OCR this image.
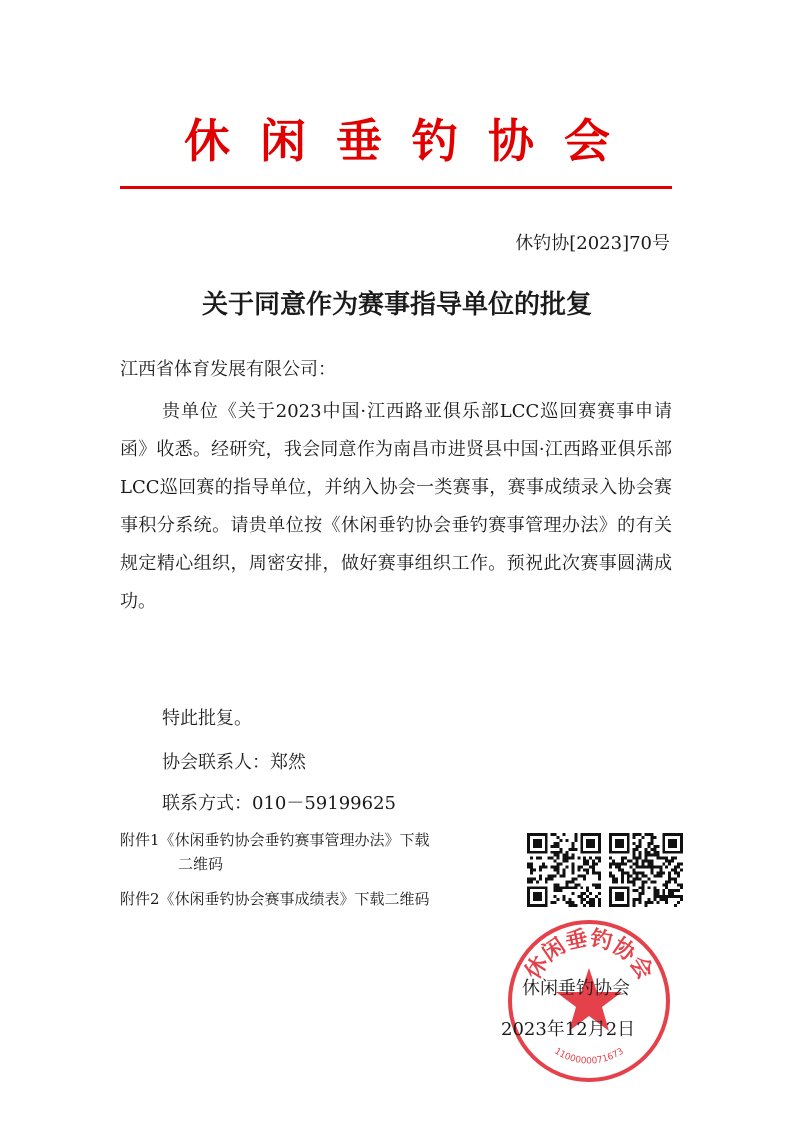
休闲垂钓协会
休钓协[2023]70号
关于同意作为赛事指导单位的批复
江西省体育发展有限公司：
贵单位《关于2023中国·江西路亚俱乐部LCC巡回赛赛事申请函》收悉。经研究，我会同意作为南昌市进贤县中国·江西路亚俱乐部LCC巡回赛的指导单位，并纳入协会一类赛事，赛事成绩录入协会赛事积分系统。请贵单位按《休闲垂钓协会垂钓赛事管理办法》的有关规定精心组织，周密安排，做好赛事组织工作。预祝此次赛事圆满成功。
特此批复。
协会联系人：郑然
联系方式：010－59199625
附件1《休闲垂钓协会垂钓赛事管理办法》下载
二维码
附件2《休闲垂钓协会赛事成绩表》下载二维码
休闲垂钓协会
1100000071673
休闲垂钓协会
2023年12月2日
